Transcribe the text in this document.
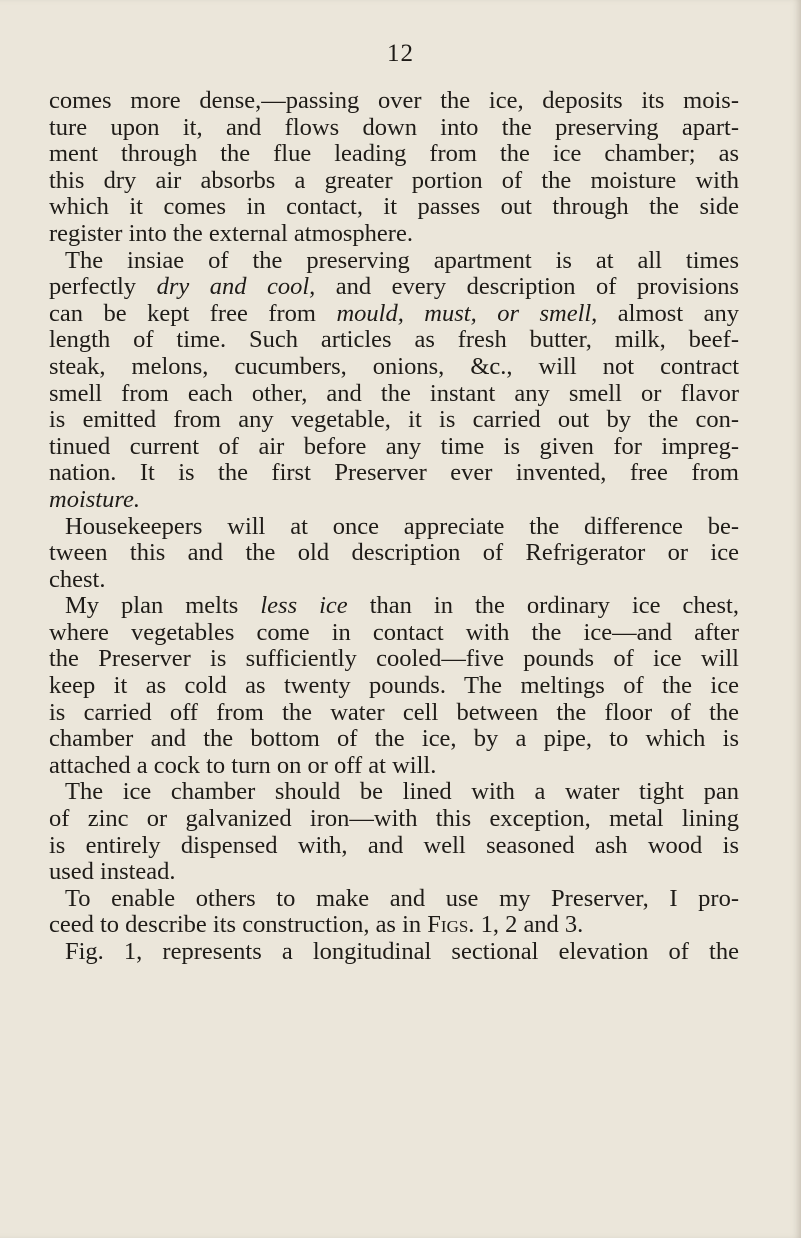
12
comes more dense,—passing over the ice, deposits its mois-
ture upon it, and flows down into the preserving apart-
ment through the flue leading from the ice chamber; as
this dry air absorbs a greater portion of the moisture with
which it comes in contact, it passes out through the side
register into the external atmosphere.
The insiae of the preserving apartment is at all times
perfectly dry and cool, and every description of provisions
can be kept free from mould, must, or smell, almost any
length of time. Such articles as fresh butter, milk, beef-
steak, melons, cucumbers, onions, &c., will not contract
smell from each other, and the instant any smell or flavor
is emitted from any vegetable, it is carried out by the con-
tinued current of air before any time is given for impreg-
nation. It is the first Preserver ever invented, free from
moisture.
Housekeepers will at once appreciate the difference be-
tween this and the old description of Refrigerator or ice
chest.
My plan melts less ice than in the ordinary ice chest,
where vegetables come in contact with the ice—and after
the Preserver is sufficiently cooled—five pounds of ice will
keep it as cold as twenty pounds. The meltings of the ice
is carried off from the water cell between the floor of the
chamber and the bottom of the ice, by a pipe, to which is
attached a cock to turn on or off at will.
The ice chamber should be lined with a water tight pan
of zinc or galvanized iron—with this exception, metal lining
is entirely dispensed with, and well seasoned ash wood is
used instead.
To enable others to make and use my Preserver, I pro-
ceed to describe its construction, as in Figs. 1, 2 and 3.
Fig. 1, represents a longitudinal sectional elevation of the
